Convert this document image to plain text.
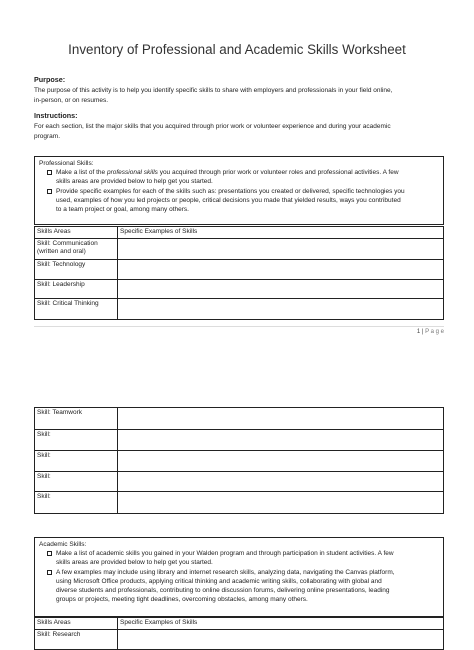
Inventory of Professional and Academic Skills Worksheet
Purpose:
The purpose of this activity is to help you identify specific skills to share with employers and professionals in your field online,
in-person, or on resumes.
Instructions:
For each section, list the major skills that you acquired through prior work or volunteer experience and during your academic
program.
Professional Skills:
Make a list of the professional skills you acquired through prior work or volunteer roles and professional activities. A few
skills areas are provided below to help get you started.
Provide specific examples for each of the skills such as: presentations you created or delivered, specific technologies you
used, examples of how you led projects or people, critical decisions you made that yielded results, ways you contributed
to a team project or goal, among many others.
Skills Areas	Specific Examples of Skills
Skill: Communication (written and oral)	
Skill: Technology	
Skill: Leadership	
Skill: Critical Thinking	
1 | P a g e
Skill: Teamwork	
Skill:	
Skill:	
Skill:	
Skill:	
Academic Skills:
Make a list of academic skills you gained in your Walden program and through participation in student activities. A few
skills areas are provided below to help get you started.
A few examples may include using library and internet research skills, analyzing data, navigating the Canvas platform,
using Microsoft Office products, applying critical thinking and academic writing skills, collaborating with global and
diverse students and professionals, contributing to online discussion forums, delivering online presentations, leading
groups or projects, meeting tight deadlines, overcoming obstacles, among many others.
Skills Areas	Specific Examples of Skills
Skill: Research	
